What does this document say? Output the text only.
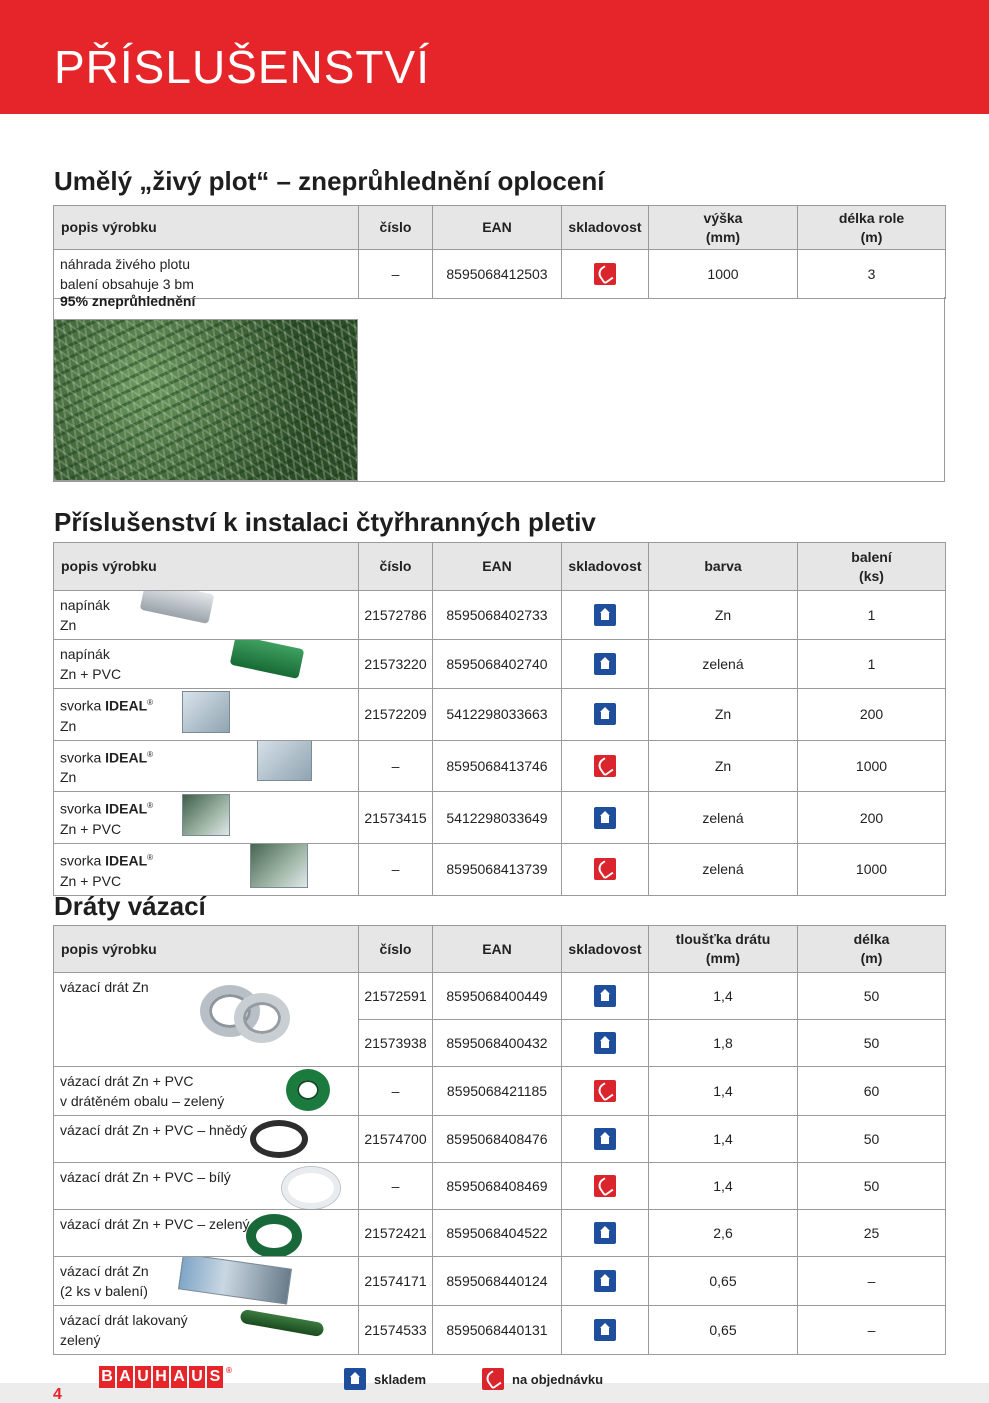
PŘÍSLUŠENSTVÍ
Umělý „živý plot“ – zneprůhlednění oplocení
popis výrobku	číslo	EAN	skladovost	výška
(mm)	délka role
(m)

náhrada živého plotu
balení obsahuje 3 bm	–	8595068412503		1000	3
95% zneprůhlednění
Příslušenství k instalaci čtyřhranných pletiv
popis výrobku	číslo	EAN	skladovost	barva	balení
(ks)

napínák
Zn	21572786	8595068402733		Zn	1

napínák
Zn + PVC	21573220	8595068402740		zelená	1

svorka IDEAL®
Zn	21572209	5412298033663		Zn	200

svorka IDEAL®
Zn	–	8595068413746		Zn	1000

svorka IDEAL®
Zn + PVC	21573415	5412298033649		zelená	200

svorka IDEAL®
Zn + PVC	–	8595068413739		zelená	1000
Dráty vázací
popis výrobku	číslo	EAN	skladovost	tloušťka drátu
(mm)	délka
(m)

vázací drát Zn	21572591	8595068400449		1,4	50
	21573938	8595068400432		1,8	50

vázací drát Zn + PVC
v drátěném obalu – zelený	–	8595068421185		1,4	60

vázací drát Zn + PVC – hnědý	21574700	8595068408476		1,4	50

vázací drát Zn + PVC – bílý	–	8595068408469		1,4	50

vázací drát Zn + PVC – zelený	21572421	8595068404522		2,6	25

vázací drát Zn
(2 ks v balení)	21574171	8595068440124		0,65	–

vázací drát lakovaný
zelený	21574533	8595068440131		0,65	–
4
B A U H A U S ®
skladem	na objednávku
